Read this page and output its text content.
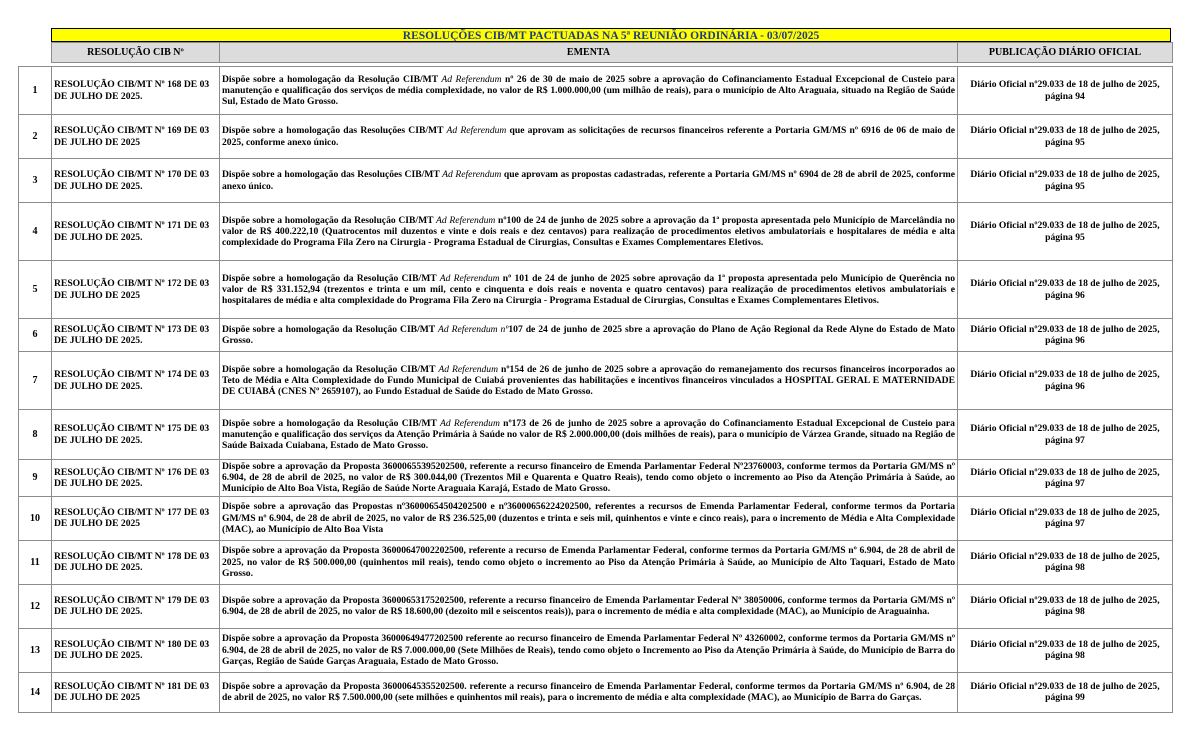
RESOLUÇÕES CIB/MT PACTUADAS NA 5ª REUNIÃO ORDINÁRIA - 03/07/2025
	RESOLUÇÃO CIB Nº	EMENTA	PUBLICAÇÃO DIÁRIO OFICIAL

1	RESOLUÇÃO CIB/MT Nº 168 DE 03 DE JULHO DE 2025.	Dispõe sobre a homologação da Resolução CIB/MT Ad Referendum nº 26 de 30 de maio de 2025 sobre a aprovação do Cofinanciamento Estadual Excepcional de Custeio para manutenção e qualificação dos serviços de média complexidade, no valor de R$ 1.000.000,00 (um milhão de reais), para o município de Alto Araguaia, situado na Região de Saúde Sul, Estado de Mato Grosso.	Diário Oficial nº29.033 de 18 de julho de 2025, página 94
2	RESOLUÇÃO CIB/MT Nº 169 DE 03 DE JULHO DE 2025	Dispõe sobre a homologação das Resoluções CIB/MT Ad Referendum que aprovam as solicitações de recursos financeiros referente a Portaria GM/MS nº 6916 de 06 de maio de 2025, conforme anexo único.	Diário Oficial nº29.033 de 18 de julho de 2025, página 95
3	RESOLUÇÃO CIB/MT Nº 170 DE 03 DE JULHO DE 2025.	Dispõe sobre a homologação das Resoluções CIB/MT Ad Referendum que aprovam as propostas cadastradas, referente a Portaria GM/MS nº 6904 de 28 de abril de 2025, conforme anexo único.	Diário Oficial nº29.033 de 18 de julho de 2025, página 95
4	RESOLUÇÃO CIB/MT Nº 171 DE 03 DE JULHO DE 2025.	Dispõe sobre a homologação da Resolução CIB/MT Ad Referendum nº100 de 24 de junho de 2025 sobre a aprovação da 1ª proposta apresentada pelo Município de Marcelândia no valor de R$ 400.222,10 (Quatrocentos mil duzentos e vinte e dois reais e dez centavos) para realização de procedimentos eletivos ambulatoriais e hospitalares de média e alta complexidade do Programa Fila Zero na Cirurgia - Programa Estadual de Cirurgias, Consultas e Exames Complementares Eletivos.	Diário Oficial nº29.033 de 18 de julho de 2025, página 95
5	RESOLUÇÃO CIB/MT Nº 172 DE 03 DE JULHO DE 2025	Dispõe sobre a homologação da Resolução CIB/MT Ad Referendum nº 101 de 24 de junho de 2025 sobre aprovação da 1ª proposta apresentada pelo Município de Querência no valor de R$ 331.152,94 (trezentos e trinta e um mil, cento e cinquenta e dois reais e noventa e quatro centavos) para realização de procedimentos eletivos ambulatoriais e hospitalares de média e alta complexidade do Programa Fila Zero na Cirurgia - Programa Estadual de Cirurgias, Consultas e Exames Complementares Eletivos.	Diário Oficial nº29.033 de 18 de julho de 2025, página 96
6	RESOLUÇÃO CIB/MT Nº 173 DE 03 DE JULHO DE 2025.	Dispõe sobre a homologação da Resolução CIB/MT Ad Referendum nº107 de 24 de junho de 2025 sbre a aprovação do Plano de Ação Regional da Rede Alyne do Estado de Mato Grosso.	Diário Oficial nº29.033 de 18 de julho de 2025, página 96
7	RESOLUÇÃO CIB/MT Nº 174 DE 03 DE JULHO DE 2025.	Dispõe sobre a homologação da Resolução CIB/MT Ad Referendum nº154 de 26 de junho de 2025 sobre a aprovação do remanejamento dos recursos financeiros incorporados ao Teto de Média e Alta Complexidade do Fundo Municipal de Cuiabá provenientes das habilitações e incentivos financeiros vinculados a HOSPITAL GERAL E MATERNIDADE DE CUIABÁ (CNES Nº 2659107), ao Fundo Estadual de Saúde do Estado de Mato Grosso.	Diário Oficial nº29.033 de 18 de julho de 2025, página 96
8	RESOLUÇÃO CIB/MT Nº 175 DE 03 DE JULHO DE 2025.	Dispõe sobre a homologação da Resolução CIB/MT Ad Referendum nº173 de 26 de junho de 2025 sobre a aprovação do Cofinanciamento Estadual Excepcional de Custeio para manutenção e qualificação dos serviços da Atenção Primária à Saúde no valor de R$ 2.000.000,00 (dois milhões de reais), para o município de Várzea Grande, situado na Região de Saúde Baixada Cuiabana, Estado de Mato Grosso.	Diário Oficial nº29.033 de 18 de julho de 2025, página 97
9	RESOLUÇÃO CIB/MT Nº 176 DE 03 DE JULHO DE 2025.	Dispõe sobre a aprovação da Proposta 36000655395202500, referente a recurso financeiro de Emenda Parlamentar Federal Nº23760003, conforme termos da Portaria GM/MS nº 6.904, de 28 de abril de 2025, no valor de R$ 300.044,00 (Trezentos Mil e Quarenta e Quatro Reais), tendo como objeto o incremento ao Piso da Atenção Primária à Saúde, ao Município de Alto Boa Vista, Região de Saúde Norte Araguaia Karajá, Estado de Mato Grosso.	Diário Oficial nº29.033 de 18 de julho de 2025, página 97
10	RESOLUÇÃO CIB/MT Nº 177 DE 03 DE JULHO DE 2025	Dispõe sobre a aprovação das Propostas nº36000654504202500 e nº36000656224202500, referentes a recursos de Emenda Parlamentar Federal, conforme termos da Portaria GM/MS nº 6.904, de 28 de abril de 2025, no valor de R$ 236.525,00 (duzentos e trinta e seis mil, quinhentos e vinte e cinco reais), para o incremento de Média e Alta Complexidade (MAC), ao Município de Alto Boa Vista	Diário Oficial nº29.033 de 18 de julho de 2025, página 97
11	RESOLUÇÃO CIB/MT Nº 178 DE 03 DE JULHO DE 2025.	Dispõe sobre a aprovação da Proposta 36000647002202500, referente a recurso de Emenda Parlamentar Federal, conforme termos da Portaria GM/MS nº 6.904, de 28 de abril de 2025, no valor de R$ 500.000,00 (quinhentos mil reais), tendo como objeto o incremento ao Piso da Atenção Primária à Saúde, ao Município de Alto Taquari, Estado de Mato Grosso.	Diário Oficial nº29.033 de 18 de julho de 2025, página 98
12	RESOLUÇÃO CIB/MT Nº 179 DE 03 DE JULHO DE 2025.	Dispõe sobre a aprovação da Proposta 36000653175202500, referente a recurso financeiro de Emenda Parlamentar Federal Nº 38050006, conforme termos da Portaria GM/MS nº 6.904, de 28 de abril de 2025, no valor de R$ 18.600,00 (dezoito mil e seiscentos reais)), para o incremento de média e alta complexidade (MAC), ao Município de Araguainha.	Diário Oficial nº29.033 de 18 de julho de 2025, página 98
13	RESOLUÇÃO CIB/MT Nº 180 DE 03 DE JULHO DE 2025.	Dispõe sobre a aprovação da Proposta 36000649477202500 referente ao recurso financeiro de Emenda Parlamentar Federal Nº 43260002, conforme termos da Portaria GM/MS nº 6.904, de 28 de abril de 2025, no valor de R$ 7.000.000,00 (Sete Milhões de Reais), tendo como objeto o Incremento ao Piso da Atenção Primária à Saúde, do Município de Barra do Garças, Região de Saúde Garças Araguaia, Estado de Mato Grosso.	Diário Oficial nº29.033 de 18 de julho de 2025, página 98
14	RESOLUÇÃO CIB/MT Nº 181 DE 03 DE JULHO DE 2025	Dispõe sobre a aprovação da Proposta 36000645355202500. referente a recurso financeiro de Emenda Parlamentar Federal, conforme termos da Portaria GM/MS nº 6.904, de 28 de abril de 2025, no valor R$ 7.500.000,00 (sete milhões e quinhentos mil reais), para o incremento de média e alta complexidade (MAC), ao Município de Barra do Garças.	Diário Oficial nº29.033 de 18 de julho de 2025, página 99
